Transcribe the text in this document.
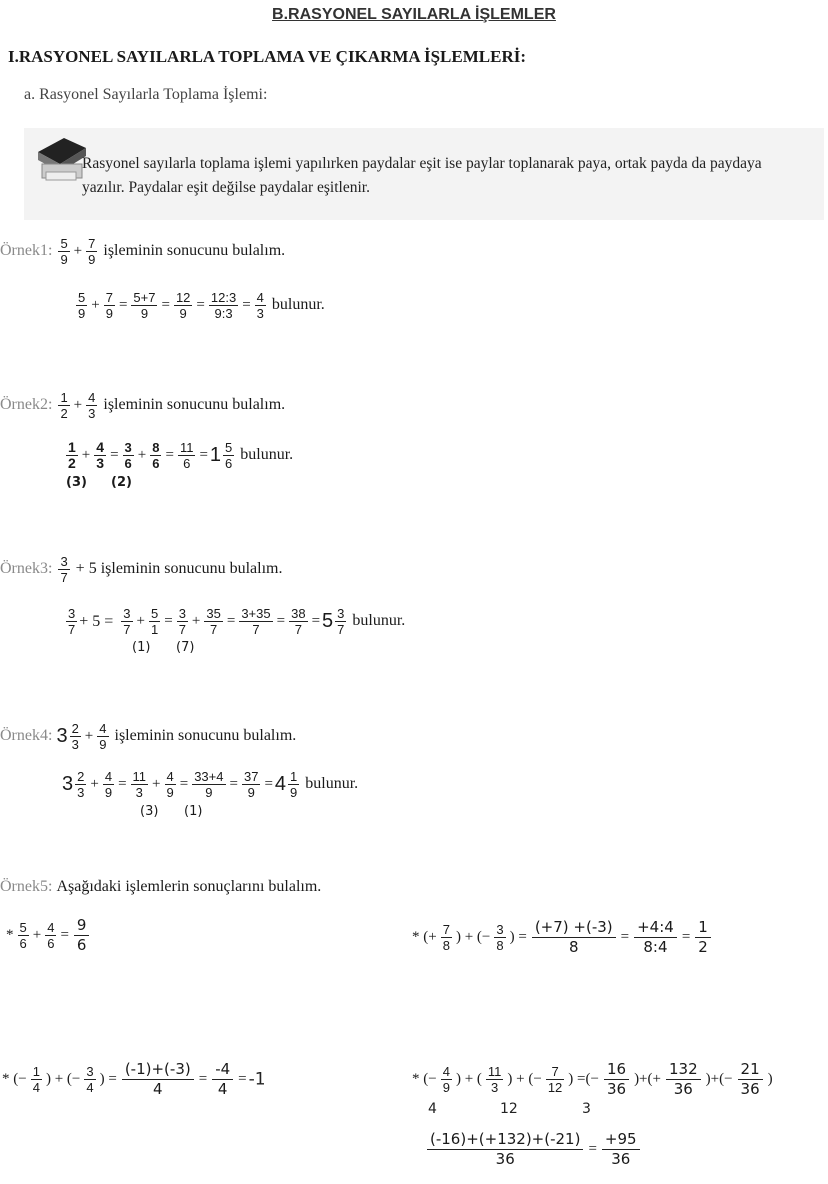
B.RASYONEL SAYILARLA İŞLEMLER
I.RASYONEL SAYILARLA TOPLAMA VE ÇIKARMA İŞLEMLERİ:
a. Rasyonel Sayılarla Toplama İşlemi:
Rasyonel sayılarla toplama işlemi yapılırken paydalar eşit ise paylar toplanarak paya, ortak payda da paydaya yazılır. Paydalar eşit değilse paydalar eşitlenir.
Örnek1: $\frac{5}{9} + \frac{7}{9}$ işleminin sonucunu bulalım.
$\frac{5}{9} + \frac{7}{9} = \frac{5+7}{9} = \frac{12}{9} = \frac{12:3}{9:3} = \frac{4}{3}$ bulunur.
Örnek2: $\frac{1}{2} + \frac{4}{3}$ işleminin sonucunu bulalım.
$\frac{1}{2} + \frac{4}{3} = \frac{3}{6} + \frac{8}{6} = \frac{11}{6} = 1 \frac{5}{6}$ bulunur.
(3) (2)
Örnek3: $\frac{3}{7} + 5$ işleminin sonucunu bulalım.
$\frac{3}{7} + 5 = \frac{3}{7} + \frac{5}{1} = \frac{3}{7} + \frac{35}{7} = \frac{3+35}{7} = \frac{38}{7} = 5 \frac{3}{7}$ bulunur.
(1) (7)
Örnek4: $3 \frac{2}{3} + \frac{4}{9}$ işleminin sonucunu bulalım.
$3 \frac{2}{3} + \frac{4}{9} = \frac{11}{3} + \frac{4}{9} = \frac{33+4}{9} = \frac{37}{9} = 4 \frac{1}{9}$ bulunur.
(3) (1)
Örnek5: Aşağıdaki işlemlerin sonuçlarını bulalım.
* $\frac{5}{6} + \frac{4}{6} = \frac{9}{6}$	* (+ $\frac{7}{8}$ ) + (− $\frac{3}{8}$ ) = $\frac{(+7) +(-3)}{8} = \frac{+4:4}{8:4} = \frac{1}{2}$
* (− $\frac{1}{4}$ ) + (− $\frac{3}{4}$ ) = $\frac{(-1)+(-3)}{4} = \frac{-4}{4} = -1$	* (− $\frac{4}{9}$ ) + ( $\frac{11}{3}$ ) + (− $\frac{7}{12}$ ) =(− $\frac{16}{36}$ )+(+ $\frac{132}{36}$ )+(− $\frac{21}{36}$ )
4	12	3
$\frac{(-16)+(+132)+(-21)}{36} = \frac{+95}{36}$
